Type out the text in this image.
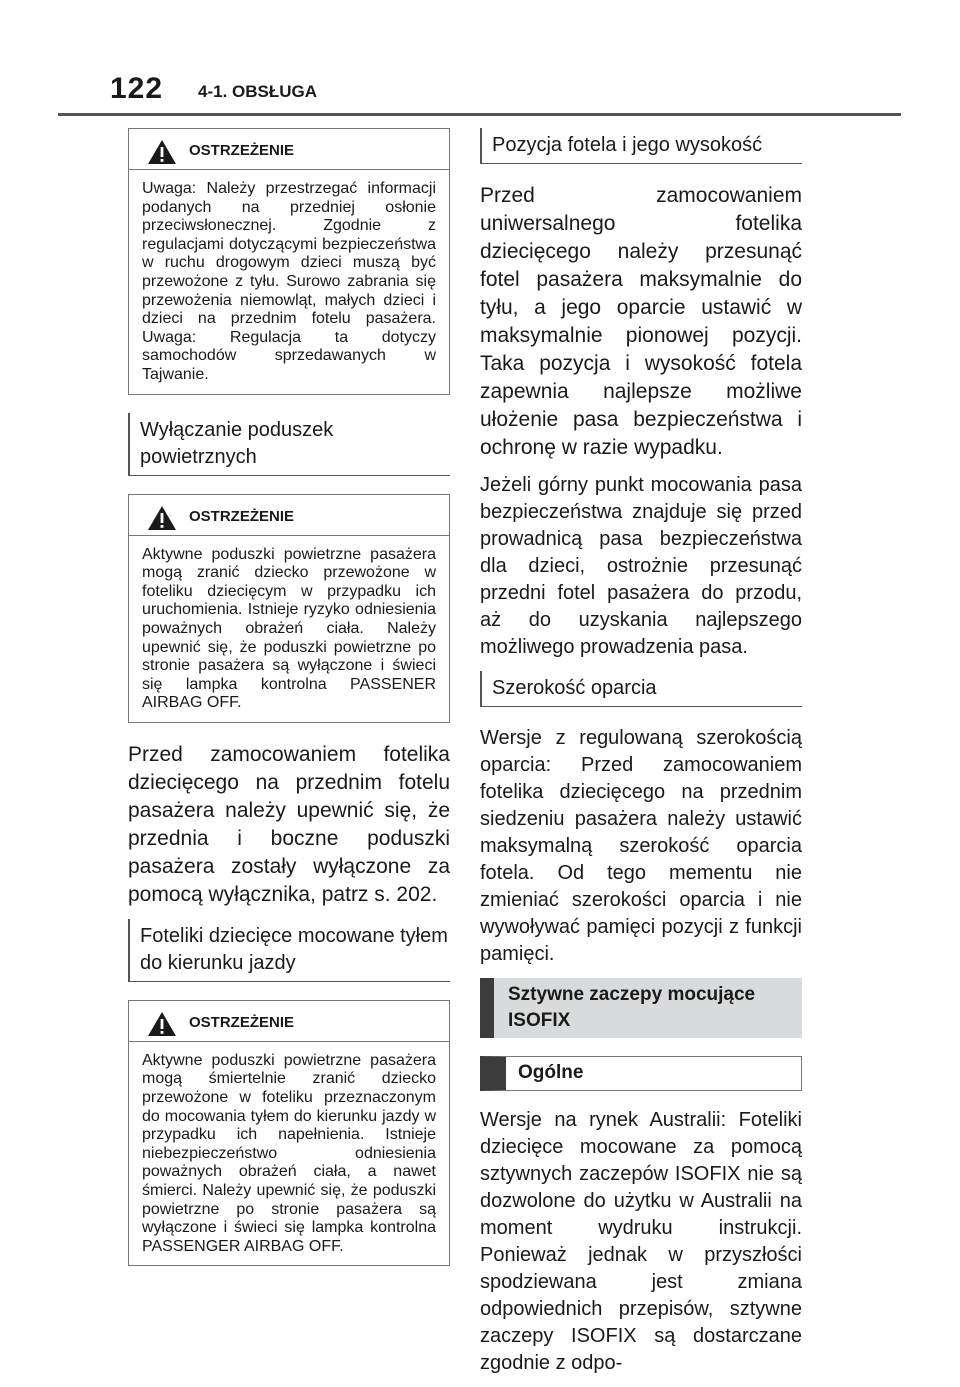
122 4-1. OBSŁUGA
OSTRZEŻENIE
Uwaga: Należy przestrzegać informacji podanych na przedniej osłonie przeciwsłonecznej. Zgodnie z regulacjami dotyczącymi bezpieczeństwa w ruchu drogowym dzieci muszą być przewożone z tyłu. Surowo zabrania się przewożenia niemowląt, małych dzieci i dzieci na przednim fotelu pasażera. Uwaga: Regulacja ta dotyczy samochodów sprzedawanych w Tajwanie.
Wyłączanie poduszek powietrznych
OSTRZEŻENIE
Aktywne poduszki powietrzne pasażera mogą zranić dziecko przewożone w foteliku dziecięcym w przypadku ich uruchomienia. Istnieje ryzyko odniesienia poważnych obrażeń ciała. Należy upewnić się, że poduszki powietrzne po stronie pasażera są wyłączone i świeci się lampka kontrolna PASSENER AIRBAG OFF.

Przed zamocowaniem fotelika dziecięcego na przednim fotelu pasażera należy upewnić się, że przednia i boczne poduszki pasażera zostały wyłączone za pomocą wyłącznika, patrz s. 202.

Foteliki dziecięce mocowane tyłem do kierunku jazdy
OSTRZEŻENIE
Aktywne poduszki powietrzne pasażera mogą śmiertelnie zranić dziecko przewożone w foteliku przeznaczonym do mocowania tyłem do kierunku jazdy w przypadku ich napełnienia. Istnieje niebezpieczeństwo odniesienia poważnych obrażeń ciała, a nawet śmierci. Należy upewnić się, że poduszki powietrzne po stronie pasażera są wyłączone i świeci się lampka kontrolna PASSENGER AIRBAG OFF.
Pozycja fotela i jego wysokość

Przed zamocowaniem uniwersalnego fotelika dziecięcego należy przesunąć fotel pasażera maksymalnie do tyłu, a jego oparcie ustawić w maksymalnie pionowej pozycji. Taka pozycja i wysokość fotela zapewnia najlepsze możliwe ułożenie pasa bezpieczeństwa i ochronę w razie wypadku.

Jeżeli górny punkt mocowania pasa bezpieczeństwa znajduje się przed prowadnicą pasa bezpieczeństwa dla dzieci, ostrożnie przesunąć przedni fotel pasażera do przodu, aż do uzyskania najlepszego możliwego prowadzenia pasa.

Szerokość oparcia

Wersje z regulowaną szerokością oparcia: Przed zamocowaniem fotelika dziecięcego na przednim siedzeniu pasażera należy ustawić maksymalną szerokość oparcia fotela. Od tego mementu nie zmieniać szerokości oparcia i nie wywoływać pamięci pozycji z funkcji pamięci.

Sztywne zaczepy mocujące ISOFIX
Ogólne

Wersje na rynek Australii: Foteliki dziecięce mocowane za pomocą sztywnych zaczepów ISOFIX nie są dozwolone do użytku w Australii na moment wydruku instrukcji. Ponieważ jednak w przyszłości spodziewana jest zmiana odpowiednich przepisów, sztywne zaczepy ISOFIX są dostarczane zgodnie z odpo-
